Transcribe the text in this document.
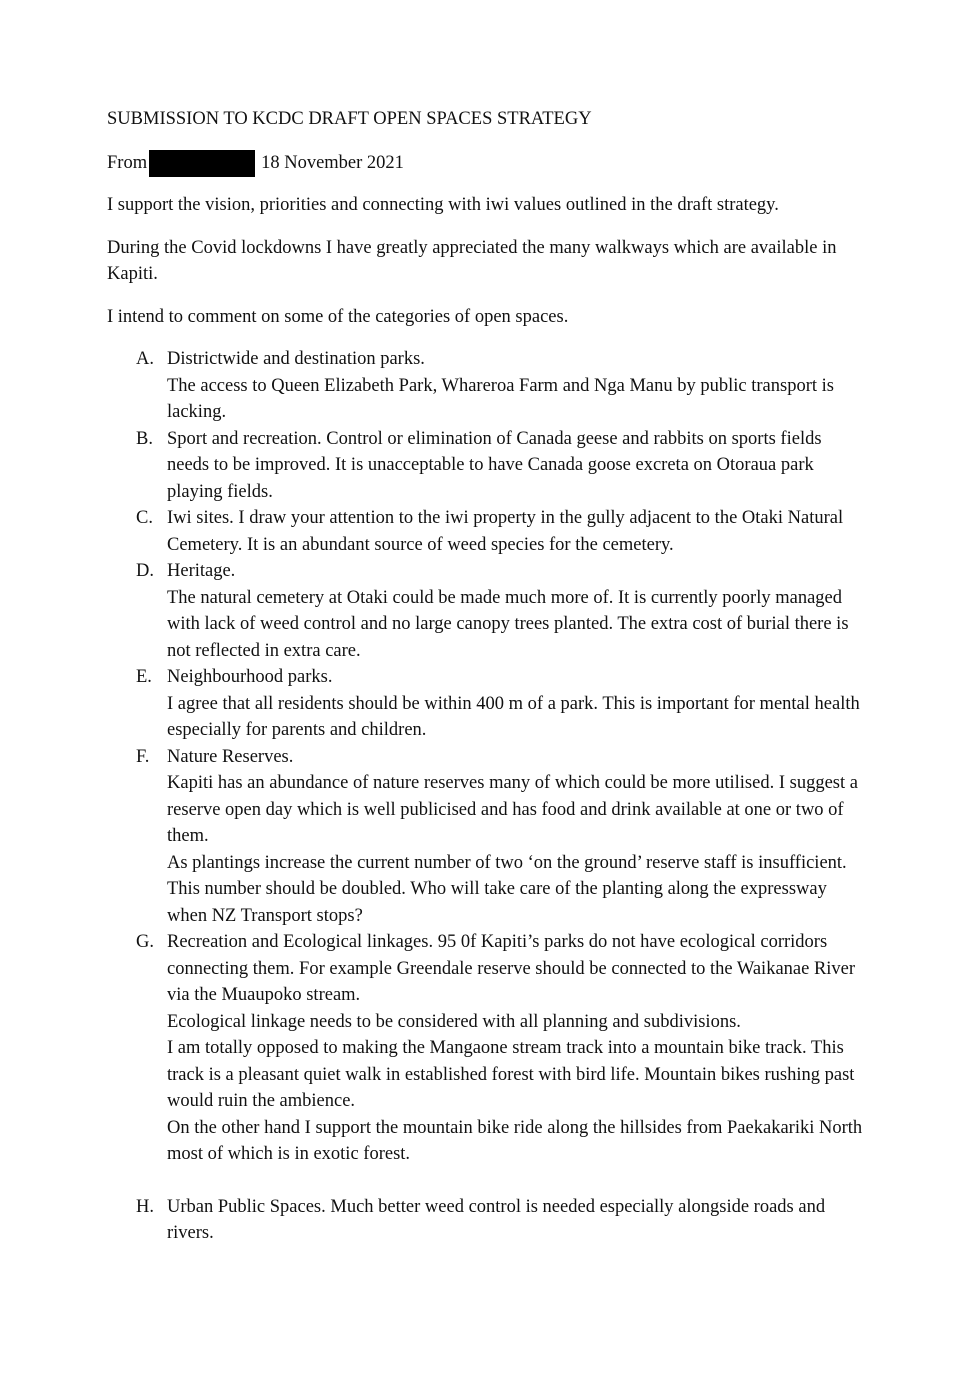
SUBMISSION TO KCDC DRAFT OPEN SPACES STRATEGY
From	18 November 2021

I support the vision, priorities and connecting with iwi values outlined in the draft strategy.

During the Covid lockdowns I have greatly appreciated the many walkways which are available in Kapiti.

I intend to comment on some of the categories of open spaces.

A. Districtwide and destination parks.
The access to Queen Elizabeth Park, Whareroa Farm and Nga Manu by public transport is lacking.
B. Sport and recreation. Control or elimination of Canada geese and rabbits on sports fields needs to be improved. It is unacceptable to have Canada goose excreta on Otoraua park playing fields.
C. Iwi sites. I draw your attention to the iwi property in the gully adjacent to the Otaki Natural Cemetery. It is an abundant source of weed species for the cemetery.
D. Heritage.
The natural cemetery at Otaki could be made much more of. It is currently poorly managed with lack of weed control and no large canopy trees planted. The extra cost of burial there is not reflected in extra care.
E. Neighbourhood parks.
I agree that all residents should be within 400 m of a park. This is important for mental health especially for parents and children.
F. Nature Reserves.
Kapiti has an abundance of nature reserves many of which could be more utilised. I suggest a reserve open day which is well publicised and has food and drink available at one or two of them.
As plantings increase the current number of two ‘on the ground’ reserve staff is insufficient. This number should be doubled. Who will take care of the planting along the expressway when NZ Transport stops?
G. Recreation and Ecological linkages. 95 0f Kapiti’s parks do not have ecological corridors connecting them. For example Greendale reserve should be connected to the Waikanae River via the Muaupoko stream.
Ecological linkage needs to be considered with all planning and subdivisions.
I am totally opposed to making the Mangaone stream track into a mountain bike track. This track is a pleasant quiet walk in established forest with bird life. Mountain bikes rushing past would ruin the ambience.
On the other hand I support the mountain bike ride along the hillsides from Paekakariki North most of which is in exotic forest.
H. Urban Public Spaces. Much better weed control is needed especially alongside roads and rivers.
